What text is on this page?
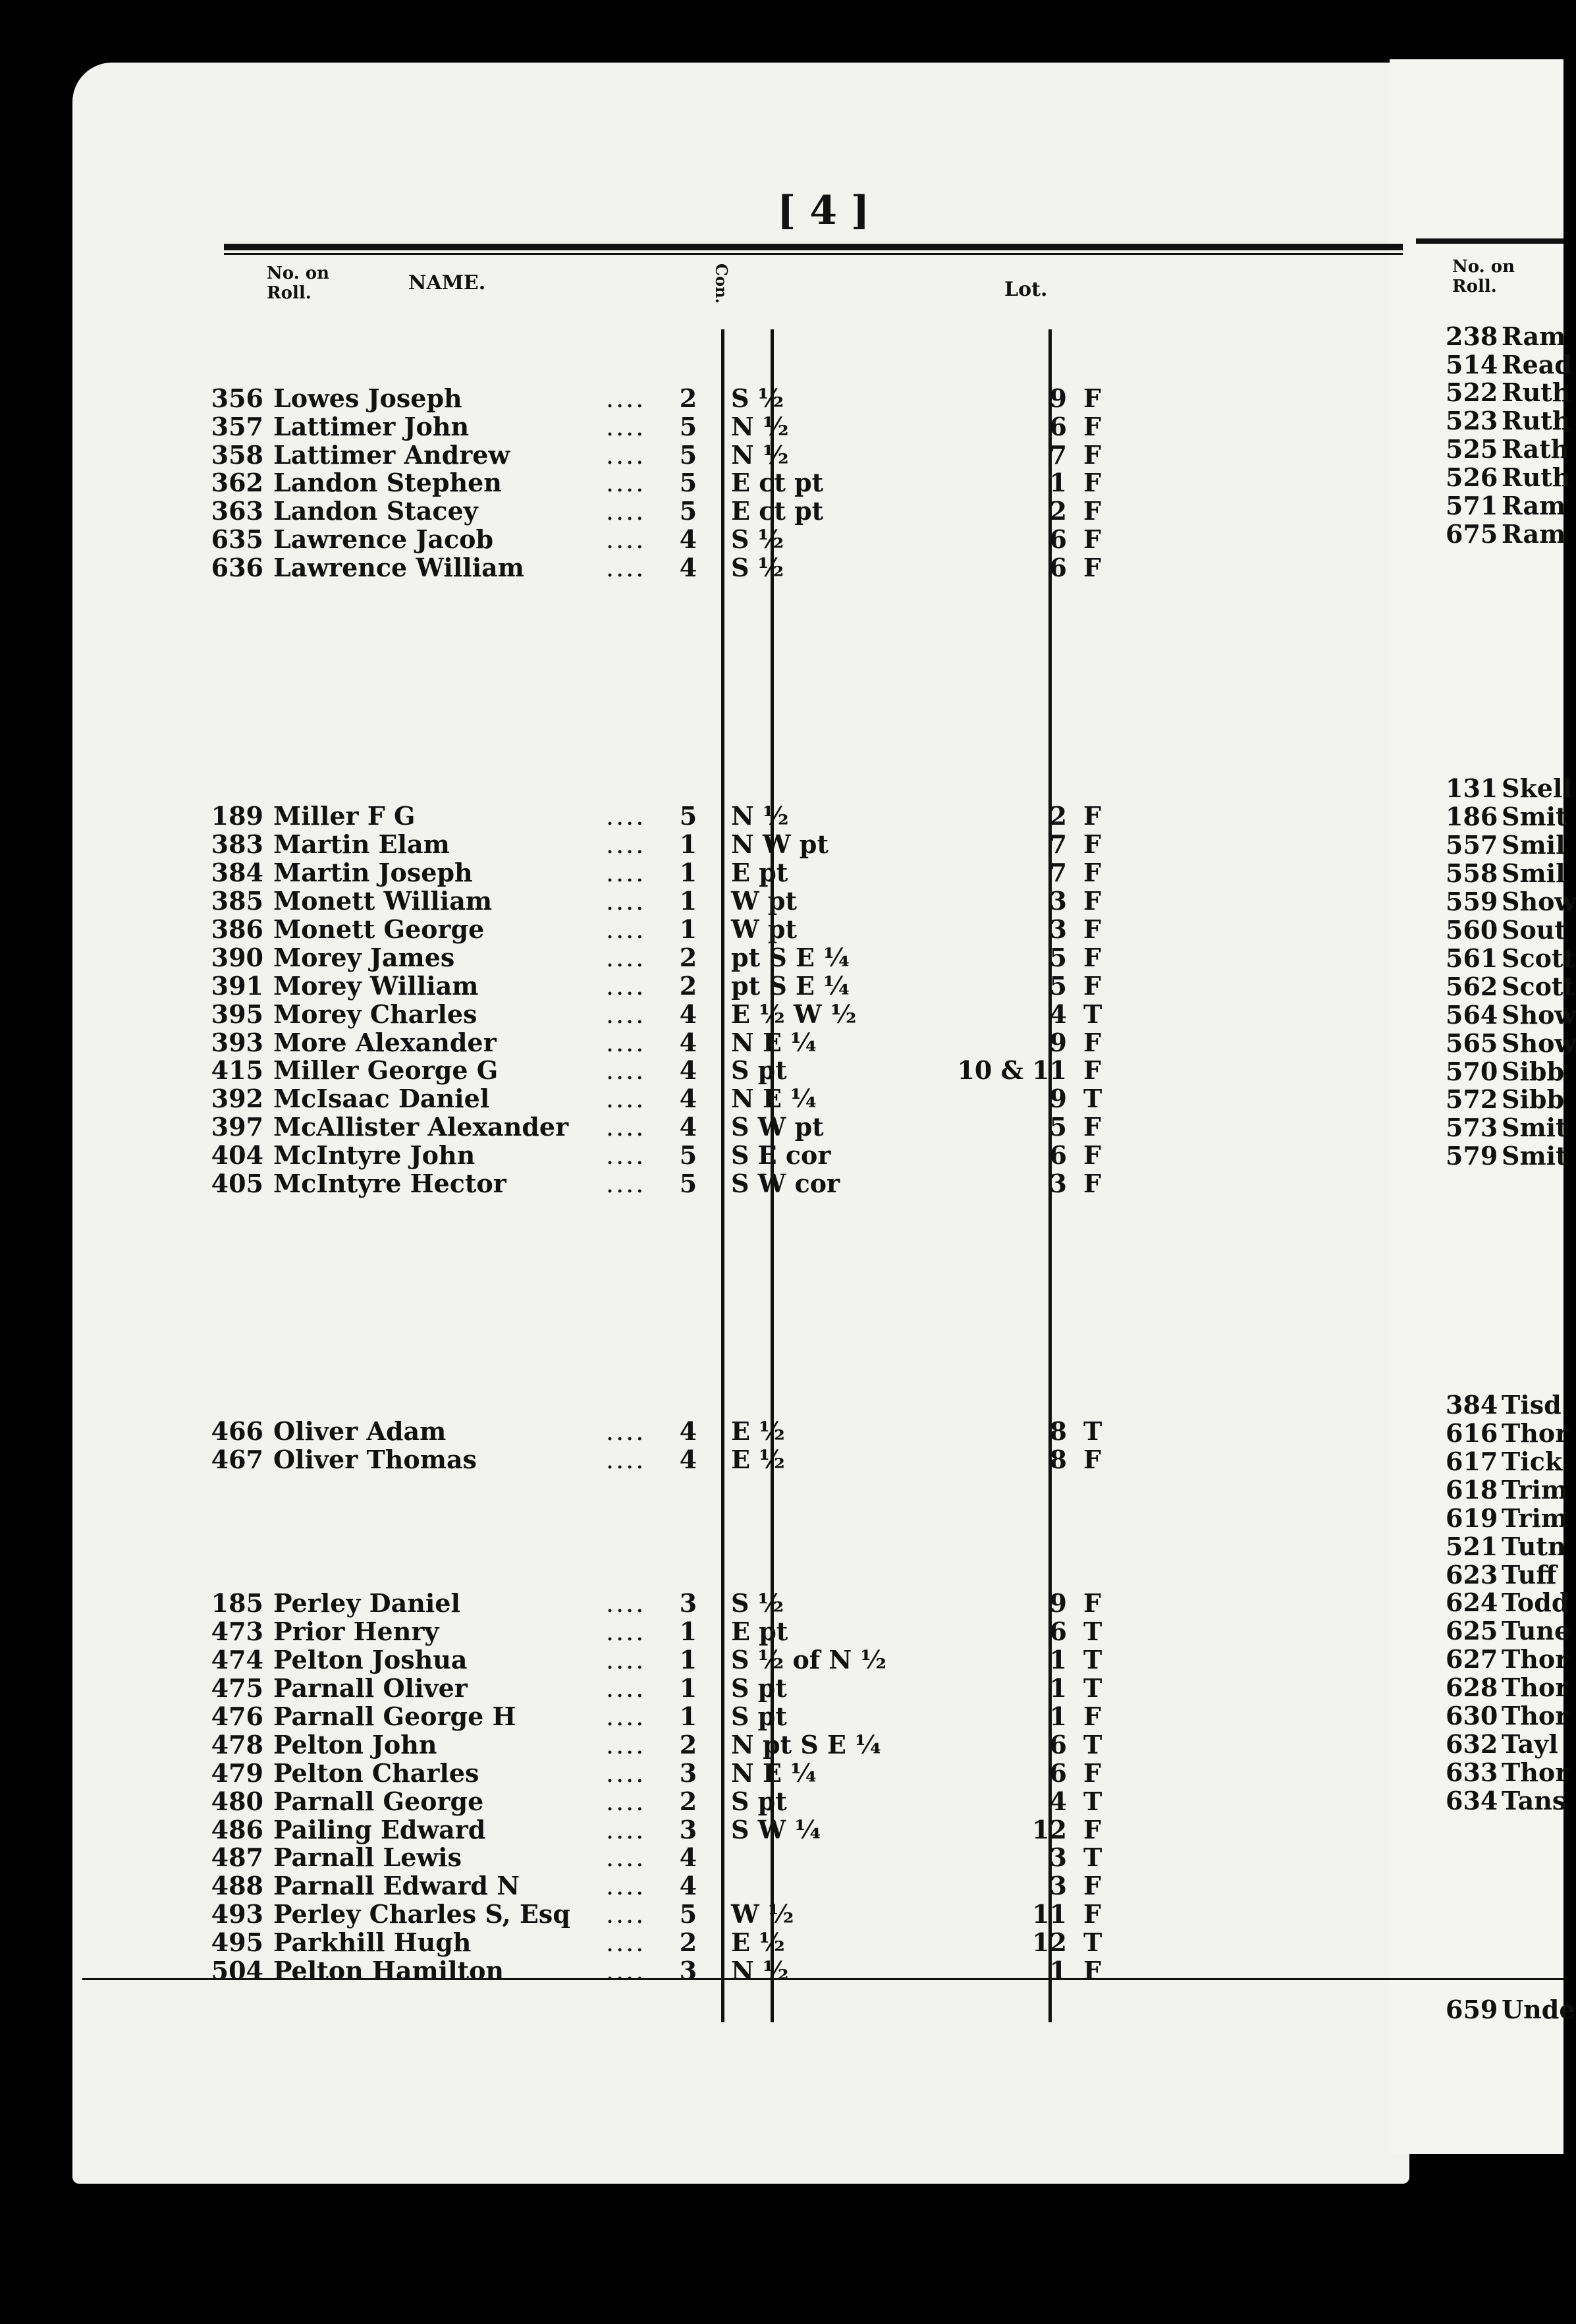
[ 4 ]
No. on Roll.	NAME.	Con.	Lot.
No. on Roll.
356 Lowes Joseph	.... 2 S ½	9 F
357 Lattimer John	.... 5 N ½	6 F
358 Lattimer Andrew	.... 5 N ½	7 F
362 Landon Stephen	.... 5 E ct pt	1 F
363 Landon Stacey	.... 5 E ct pt	2 F
635 Lawrence Jacob	.... 4 S ½	6 F
636 Lawrence William	.... 4 S ½	6 F
189 Miller F G	.... 5 N ½	2 F
383 Martin Elam	.... 1 N W pt	7 F
384 Martin Joseph	.... 1 E pt	7 F
385 Monett William	.... 1 W pt	3 F
386 Monett George	.... 1 W pt	3 F
390 Morey James	.... 2 pt S E ¼	5 F
391 Morey William	.... 2 pt S E ¼	5 F
395 Morey Charles	.... 4 E ½ W ½	4 T
393 More Alexander	.... 4 N E ¼	9 F
415 Miller George G	.... 4 S pt	10 & 11 F
392 McIsaac Daniel	.... 4 N E ¼	9 T
397 McAllister Alexander .... 4 S W pt	5 F
404 McIntyre John	.... 5 S E cor	6 F
405 McIntyre Hector	.... 5 S W cor	3 F
466 Oliver Adam	.... 4 E ½	8 T
467 Oliver Thomas	.... 4 E ½	8 F
185 Perley Daniel	.... 3 S ½	9 F
473 Prior Henry	.... 1 E pt	6 T
474 Pelton Joshua	.... 1 S ½ of N ½	1 T
475 Parnall Oliver	.... 1 S pt	1 T
476 Parnall George H	.... 1 S pt	1 F
478 Pelton John	.... 2 N pt S E ¼	6 T
479 Pelton Charles	.... 3 N E ¼	6 F
480 Parnall George	.... 2 S pt	4 T
486 Pailing Edward	.... 3 S W ¼	12 F
487 Parnall Lewis	.... 4	3 T
488 Parnall Edward N	.... 4	3 F
493 Perley Charles S, Esq .... 5 W ½	11 F
495 Parkhill Hugh	.... 2 E ½	12 T
504 Pelton Hamilton	.... 3 N ½	1 F
238 Ram
514 Read
522 Ruth
523 Ruth
525 Rath
526 Ruth
571 Ram
675 Ram
131 Skell
186 Smit
557 Smil
558 Smil
559 Show
560 Sout
561 Scott
562 Scott
564 Show
565 Show
570 Sibb
572 Sibb
573 Smit
579 Smit
384 Tisd
616 Thor
617 Tick
618 Trim
619 Trim
521 Tutn
623 Tuff
624 Todd
625 Tune
627 Thor
628 Thor
630 Thor
632 Tayl
633 Thor
634 Tans
659 Unde
